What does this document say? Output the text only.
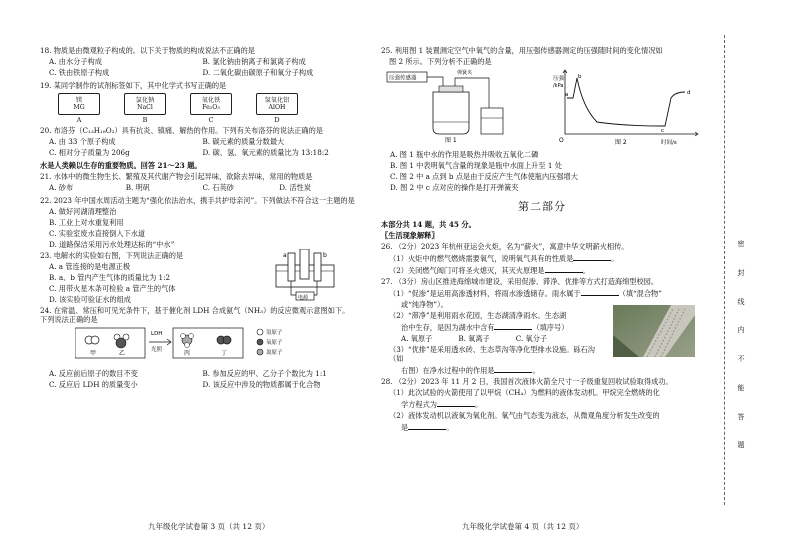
18. 物质是由微观粒子构成的。以下关于物质的构成说法不正确的是
A. 由水分子构成	B. 氯化钠由钠离子和氯离子构成
C. 铁由铁原子构成	D. 二氧化碳由碳原子和氧分子构成
19. 某同学制作的试剂标签如下，其中化学式书写正确的是
镁
MG
A
氯化钠
NaCl
B
氧化铁
Fe₂O₃
C
氢氧化铝
AlOH
D
20. 布洛芬（C₁₃H₁₈O₂）具有抗炎、镇痛、解热的作用。下列有关布洛芬的说法正确的是
A. 由 33 个原子构成	B. 碳元素的质量分数最大
C. 相对分子质量为 206g	D. 碳、氢、氧元素的质量比为 13:18:2
水是人类赖以生存的重要物质。回答 21～23 题。
21. 水体中的微生物生长、繁殖及其代谢产物会引起异味，欲除去异味，常用的物质是
A. 砂布	B. 明矾	C. 石英砂	D. 活性炭
22. 2023 年中国水周活动主题为“强化依法治水，携手共护母亲河”。下列做法不符合这一主题的是
A. 做好河湖清理整治
B. 工业上对水重复利用
C. 实验室废水直接倒入下水道
D. 道路保洁采用污水处理达标的“中水”
23. 电解水的实验如右图，下列说法正确的是
A. a 管连接的是电源正极
B. a、b 管内产生气体的质量比为 1:2
C. 用带火星木条可检验 a 管产生的气体
D. 该实验可验证水的组成
a	b
电源
24. 在常温、常压和可见光条件下，基于催化剂 LDH 合成氨气（NH₃）的反应微观示意图如下。下列说法正确的是
甲	乙
LDH
光照	丙	丁
氢原子
氧原子
氮原子
A. 反应前后原子的数目不变	B. 参加反应的甲、乙分子个数比为 1:1
C. 反应后 LDH 的质量变小	D. 该反应中涉及的物质都属于化合物
九年级化学试卷第 3 页（共 12 页）
25. 利用图 1 装置测定空气中氧气的含量，用压强传感器测定的压强随时间的变化情况如
图 2 所示。下列分析不正确的是
压强传感器
弹簧夹
图 1
压强
/kPa
O
a
b
c
d
时间/s
图 2
A. 图 1 瓶中水的作用是吸热并吸收五氧化二磷
B. 图 1 中表明氧气含量的现象是瓶中水面上升至 1 处
C. 图 2 中 a 点到 b 点是由于反应产生气体使瓶内压强增大
D. 图 2 中 c 点对应的操作是打开弹簧夹
第二部分
本部分共 14 题，共 45 分。
〖生活现象解释〗
26. （2分）2023 年杭州亚运会火炬，名为“薪火”，寓意中华文明薪火相传。
（1）火炬中的燃气燃烧需要氧气，说明氧气具有的性质是	。
（2）关闭燃气阀门可将圣火熄灭，其灭火原理是	。
27. （3分）房山区推进海绵城市建设，采用促渗、滞净、优排等方式打造海绵型校园。
（1）“促渗”是运用高渗透材料，将雨水渗透储存。雨水属于	（填“混合物”
或“纯净物”）。
（2）“滞净”是利用雨水花园，生态湖清净雨水。生态湖
治中生存，是因为湖水中含有	（填序号）
A. 氧原子	B. 氧离子	C. 氧分子
（3）“优排”是采用透水砖、生态草沟等净化型排水设施。砾石沟（如
右图）在净水过程中的作用是	。
28. （2分）2023 年 11 月 2 日，我国首次液体火箭全尺寸一子级重复回收试验取得成功。
（1）此次试验的火箭使用了以甲烷（CH₄）为燃料的液体发动机。甲烷完全燃烧的化
学方程式为	。
（2）液体发动机以液氧为氧化剂。氧气由气态变为液态，从微观角度分析发生改变的
是	。
九年级化学试卷第 4 页（共 12 页）
密
封
线
内
不
能
答
题
